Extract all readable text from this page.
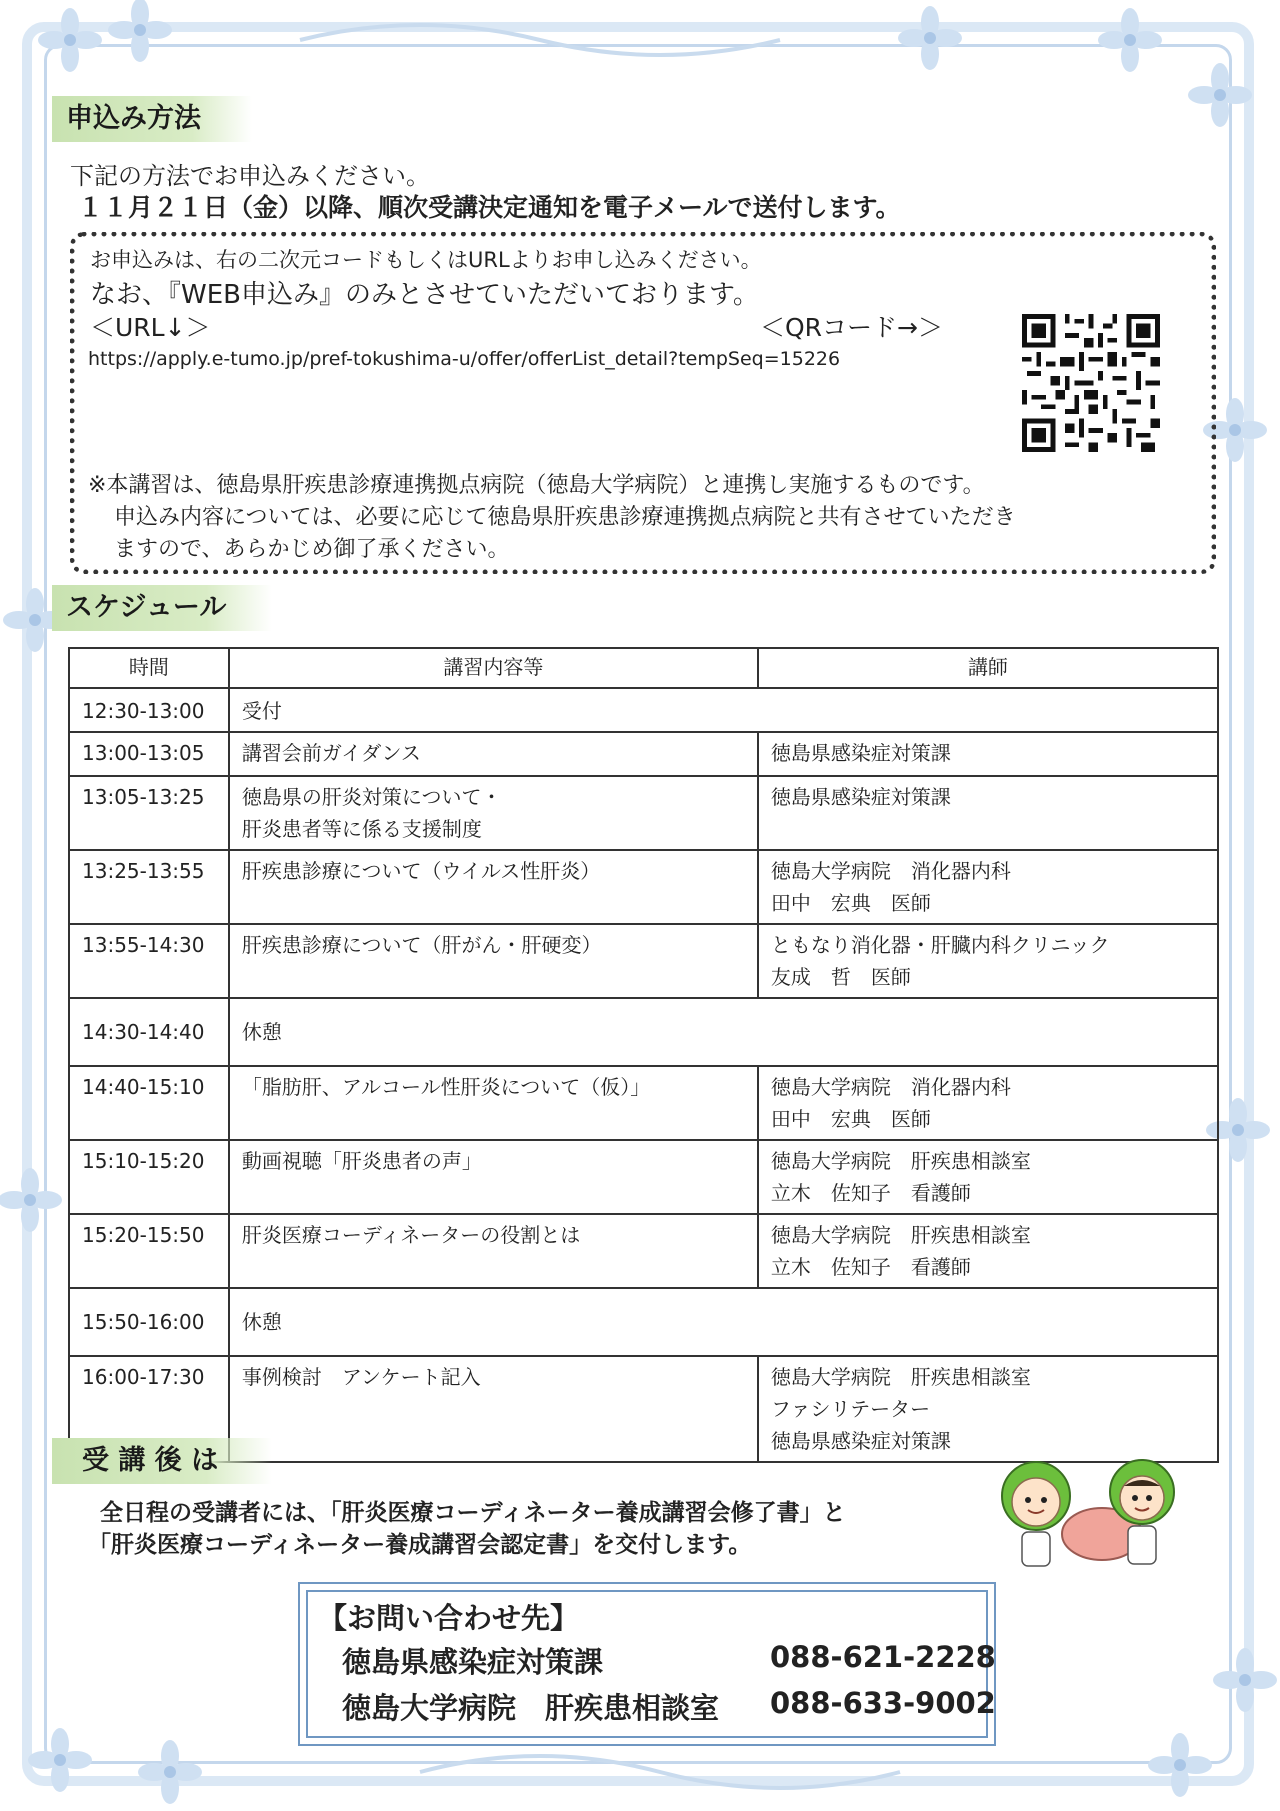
申込み方法
下記の方法でお申込みください。
１１月２１日（金）以降、順次受講決定通知を電子メールで送付します。
お申込みは、右の二次元コードもしくはURLよりお申し込みください。
なお、『WEB申込み』のみとさせていただいております。
＜URL↓＞	＜QRコード→＞
https://apply.e-tumo.jp/pref-tokushima-u/offer/offerList_detail?tempSeq=15226
※本講習は、徳島県肝疾患診療連携拠点病院（徳島大学病院）と連携し実施するものです。
申込み内容については、必要に応じて徳島県肝疾患診療連携拠点病院と共有させていただき
ますので、あらかじめ御了承ください。
スケジュール
時間	講習内容等	講師
12:30-13:00	受付	

13:00-13:05	講習会前ガイダンス	徳島県感染症対策課

13:05-13:25	徳島県の肝炎対策について・
肝炎患者等に係る支援制度	徳島県感染症対策課

13:25-13:55	肝疾患診療について（ウイルス性肝炎）	徳島大学病院　消化器内科
田中　宏典　医師

13:55-14:30	肝疾患診療について（肝がん・肝硬変）	ともなり消化器・肝臓内科クリニック
友成　哲　医師

14:30-14:40	休憩	

14:40-15:10	「脂肪肝、アルコール性肝炎について（仮）」	徳島大学病院　消化器内科
田中　宏典　医師

15:10-15:20	動画視聴「肝炎患者の声」	徳島大学病院　肝疾患相談室
立木　佐知子　看護師

15:20-15:50	肝炎医療コーディネーターの役割とは	徳島大学病院　肝疾患相談室
立木　佐知子　看護師

15:50-16:00	休憩	

16:00-17:30	事例検討　アンケート記入	徳島大学病院　肝疾患相談室
ファシリテーター
徳島県感染症対策課
受 講 後 は
全日程の受講者には、「肝炎医療コーディネーター養成講習会修了書」と
「肝炎医療コーディネーター養成講習会認定書」を交付します。
【お問い合わせ先】
徳島県感染症対策課	088-621-2228
徳島大学病院　肝疾患相談室 088-633-9002
